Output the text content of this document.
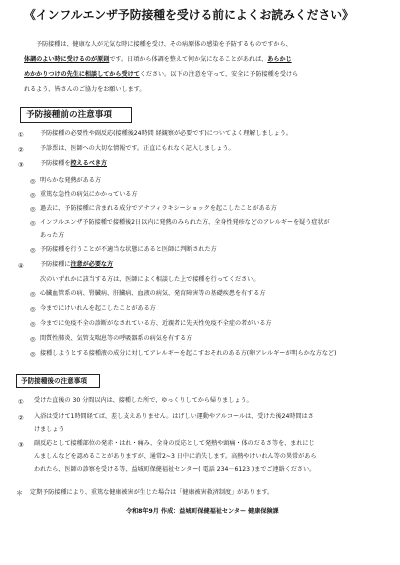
《インフルエンザ予防接種を受ける前によくお読みください》
予防接種は、健康な人が元気な時に接種を受け、その病原体の感染を予防するものですから、
体調のよい時に受けるのが原則です。日頃から体調を整えて何か気になることがあれば、あらかじ
めかかりつけの先生に相談してから受けてください。以下の注意を守って、安全に予防接種を受けら
れるよう、皆さんのご協力をお願いします。
予防接種前の注意事項
①	予防接種の必要性や副反応(接種後24時間 経観察が必要です)についてよく理解しましょう。
②	予診票は、医師への大切な情報です。正直にもれなく記入しましょう。
③	予防接種を控えるべき方
◎ 明らかな発熱がある方
◎ 重篤な急性の病気にかかっている方
◎ 過去に、予防接種に含まれる成分でアナフィラキシーショックを起こしたことがある方
◎ インフルエンザ予防接種で接種後2日以内に発熱のみられた方、全身性発疹などのアレルギーを疑う症状が
あった方
◎ 予防接種を行うことが不適当な状態にあると医師に判断された方
④	予防接種に注意が必要な方
次のいずれかに該当する方は、医師によく相談した上で接種を行ってください。
◎ 心臓血管系の病、腎臓病、肝臓病、血液の病気、発育障害等の基礎疾患を有する方
◎ 今までにけいれんを起こしたことがある方
◎ 今までに免疫不全の診断がなされている方、近親者に先天性免疫不全症の者がいる方
◎ 間質性肺炎、気管支喘息等の呼吸器系の病気を有する方
◎ 接種しようとする接種液の成分に対してアレルギーを起こすおそれのある方(卵アレルギーが明らかな方など)
予防接種後の注意事項
① 受けた直後の 30 分間以内は、接種した所で、ゆっくりしてから帰りましょう。
② 入浴は受けて1時間経てば、差し支えありません。はげしい運動やアルコールは、受けた後24時間はさ
けましょう
③ 副反応として接種部位の発赤・はれ・痛み、全身の反応として発熱や頭痛・体のだるさ等を、まれにじ
んましんなどを認めることがありますが、通常2~3 日中に消失します。高熱やけいれん等の異常があら
われたら、医師の診察を受ける等、益城町保健福祉センター( 電話 234－6123 )までご連絡ください。
＊ 定期予防接種により、重篤な健康被害が生じた場合は「健康被害救済制度」があります。
令和8年9月 作成：益城町保健福祉センター 健康保険課
